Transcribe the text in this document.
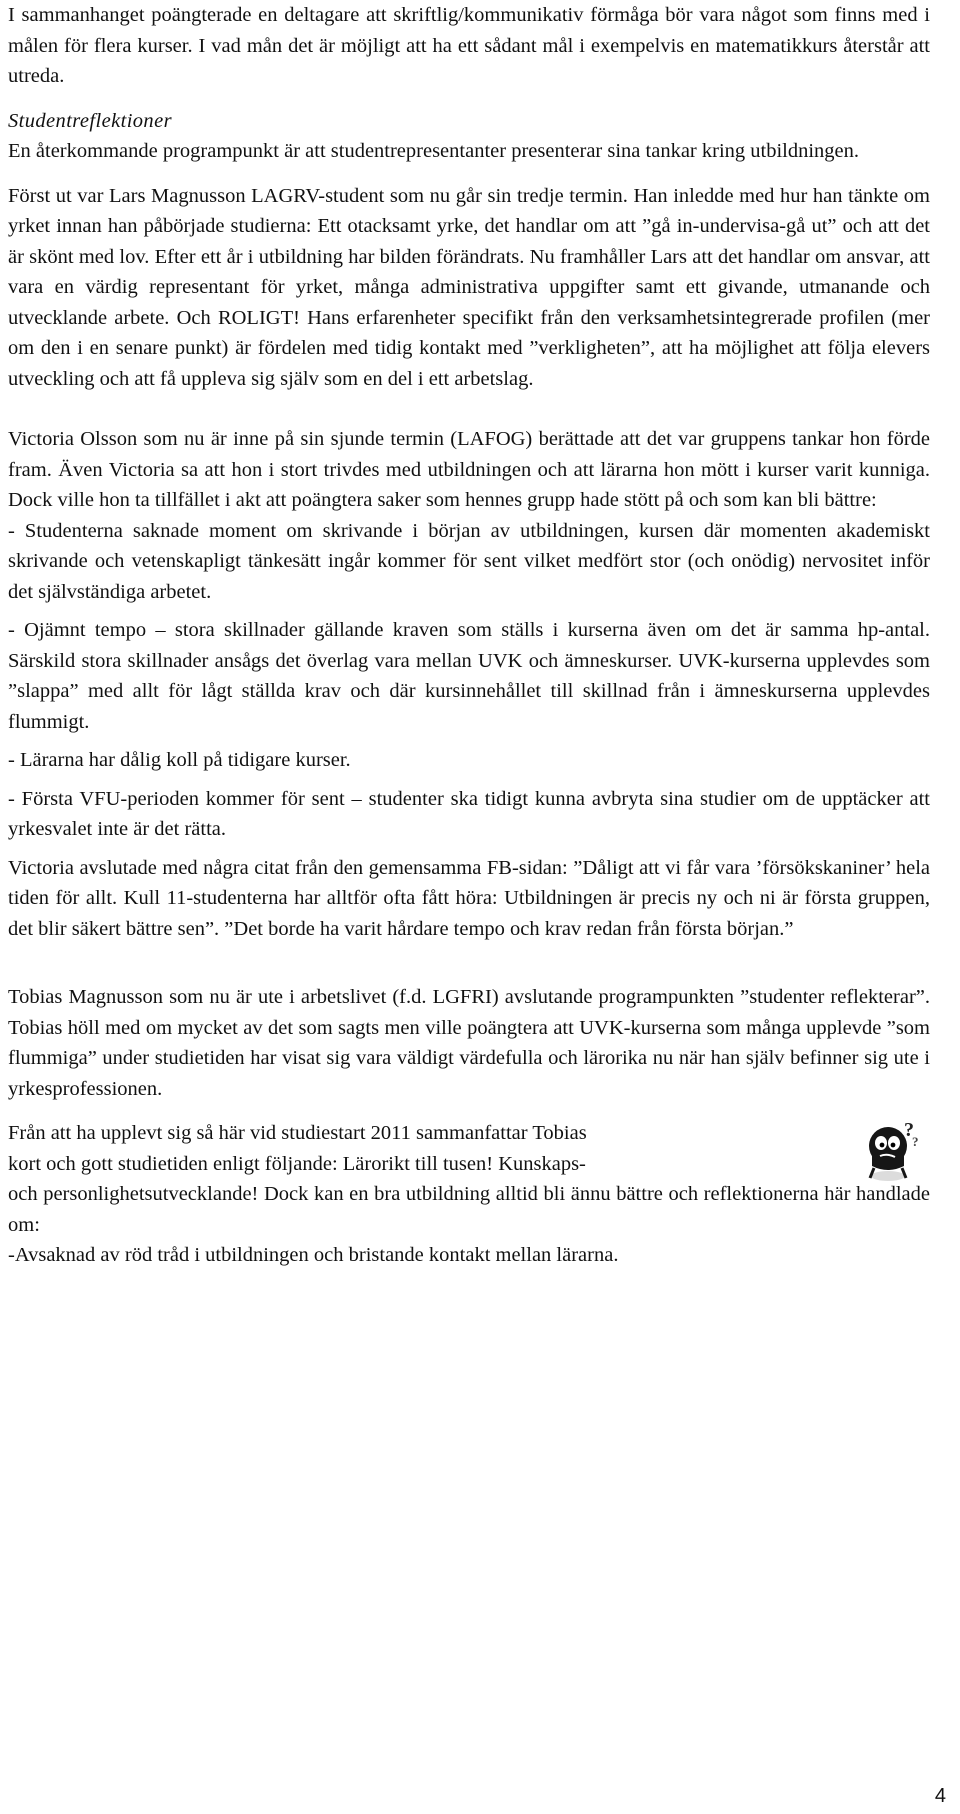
I sammanhanget poängterade en deltagare att skriftlig/kommunikativ förmåga bör vara något som finns med i målen för flera kurser. I vad mån det är möjligt att ha ett sådant mål i exempelvis en matematikkurs återstår att utreda.

Studentreflektioner

En återkommande programpunkt är att studentrepresentanter presenterar sina tankar kring utbildningen.

Först ut var Lars Magnusson LAGRV-student som nu går sin tredje termin. Han inledde med hur han tänkte om yrket innan han påbörjade studierna: Ett otacksamt yrke, det handlar om att ”gå in-undervisa-gå ut” och att det är skönt med lov. Efter ett år i utbildning har bilden förändrats. Nu framhåller Lars att det handlar om ansvar, att vara en värdig representant för yrket, många administrativa uppgifter samt ett givande, utmanande och utvecklande arbete. Och ROLIGT! Hans erfarenheter specifikt från den verksamhetsintegrerade profilen (mer om den i en senare punkt) är fördelen med tidig kontakt med ”verkligheten”, att ha möjlighet att följa elevers utveckling och att få uppleva sig själv som en del i ett arbetslag.

Victoria Olsson som nu är inne på sin sjunde termin (LAFOG) berättade att det var gruppens tankar hon förde fram. Även Victoria sa att hon i stort trivdes med utbildningen och att lärarna hon mött i kurser varit kunniga. Dock ville hon ta tillfället i akt att poängtera saker som hennes grupp hade stött på och som kan bli bättre:

- Studenterna saknade moment om skrivande i början av utbildningen, kursen där momenten akademiskt skrivande och vetenskapligt tänkesätt ingår kommer för sent vilket medfört stor (och onödig) nervositet inför det självständiga arbetet.

- Ojämnt tempo – stora skillnader gällande kraven som ställs i kurserna även om det är samma hp-antal. Särskild stora skillnader ansågs det överlag vara mellan UVK och ämneskurser. UVK-kurserna upplevdes som ”slappa” med allt för lågt ställda krav och där kursinnehållet till skillnad från i ämneskurserna upplevdes flummigt.

- Lärarna har dålig koll på tidigare kurser.

- Första VFU-perioden kommer för sent – studenter ska tidigt kunna avbryta sina studier om de upptäcker att yrkesvalet inte är det rätta.

Victoria avslutade med några citat från den gemensamma FB-sidan: ”Dåligt att vi får vara ’försökskaniner’ hela tiden för allt. Kull 11-studenterna har alltför ofta fått höra: Utbildningen är precis ny och ni är första gruppen, det blir säkert bättre sen”. ”Det borde ha varit hårdare tempo och krav redan från första början.”

Tobias Magnusson som nu är ute i arbetslivet (f.d. LGFRI) avslutande programpunkten ”studenter reflekterar”. Tobias höll med om mycket av det som sagts men ville poängtera att UVK-kurserna som många upplevde ”som flummiga” under studietiden har visat sig vara väldigt värdefulla och lärorika nu när han själv befinner sig ute i yrkesprofessionen.

?
?

Från att ha upplevt sig så här vid studiestart 2011 sammanfattar Tobias

kort och gott studietiden enligt följande: Lärorikt till tusen! Kunskaps-

och personlighetsutvecklande! Dock kan en bra utbildning alltid bli ännu bättre och reflektionerna här handlade om:

-Avsaknad av röd tråd i utbildningen och bristande kontakt mellan lärarna.

4
